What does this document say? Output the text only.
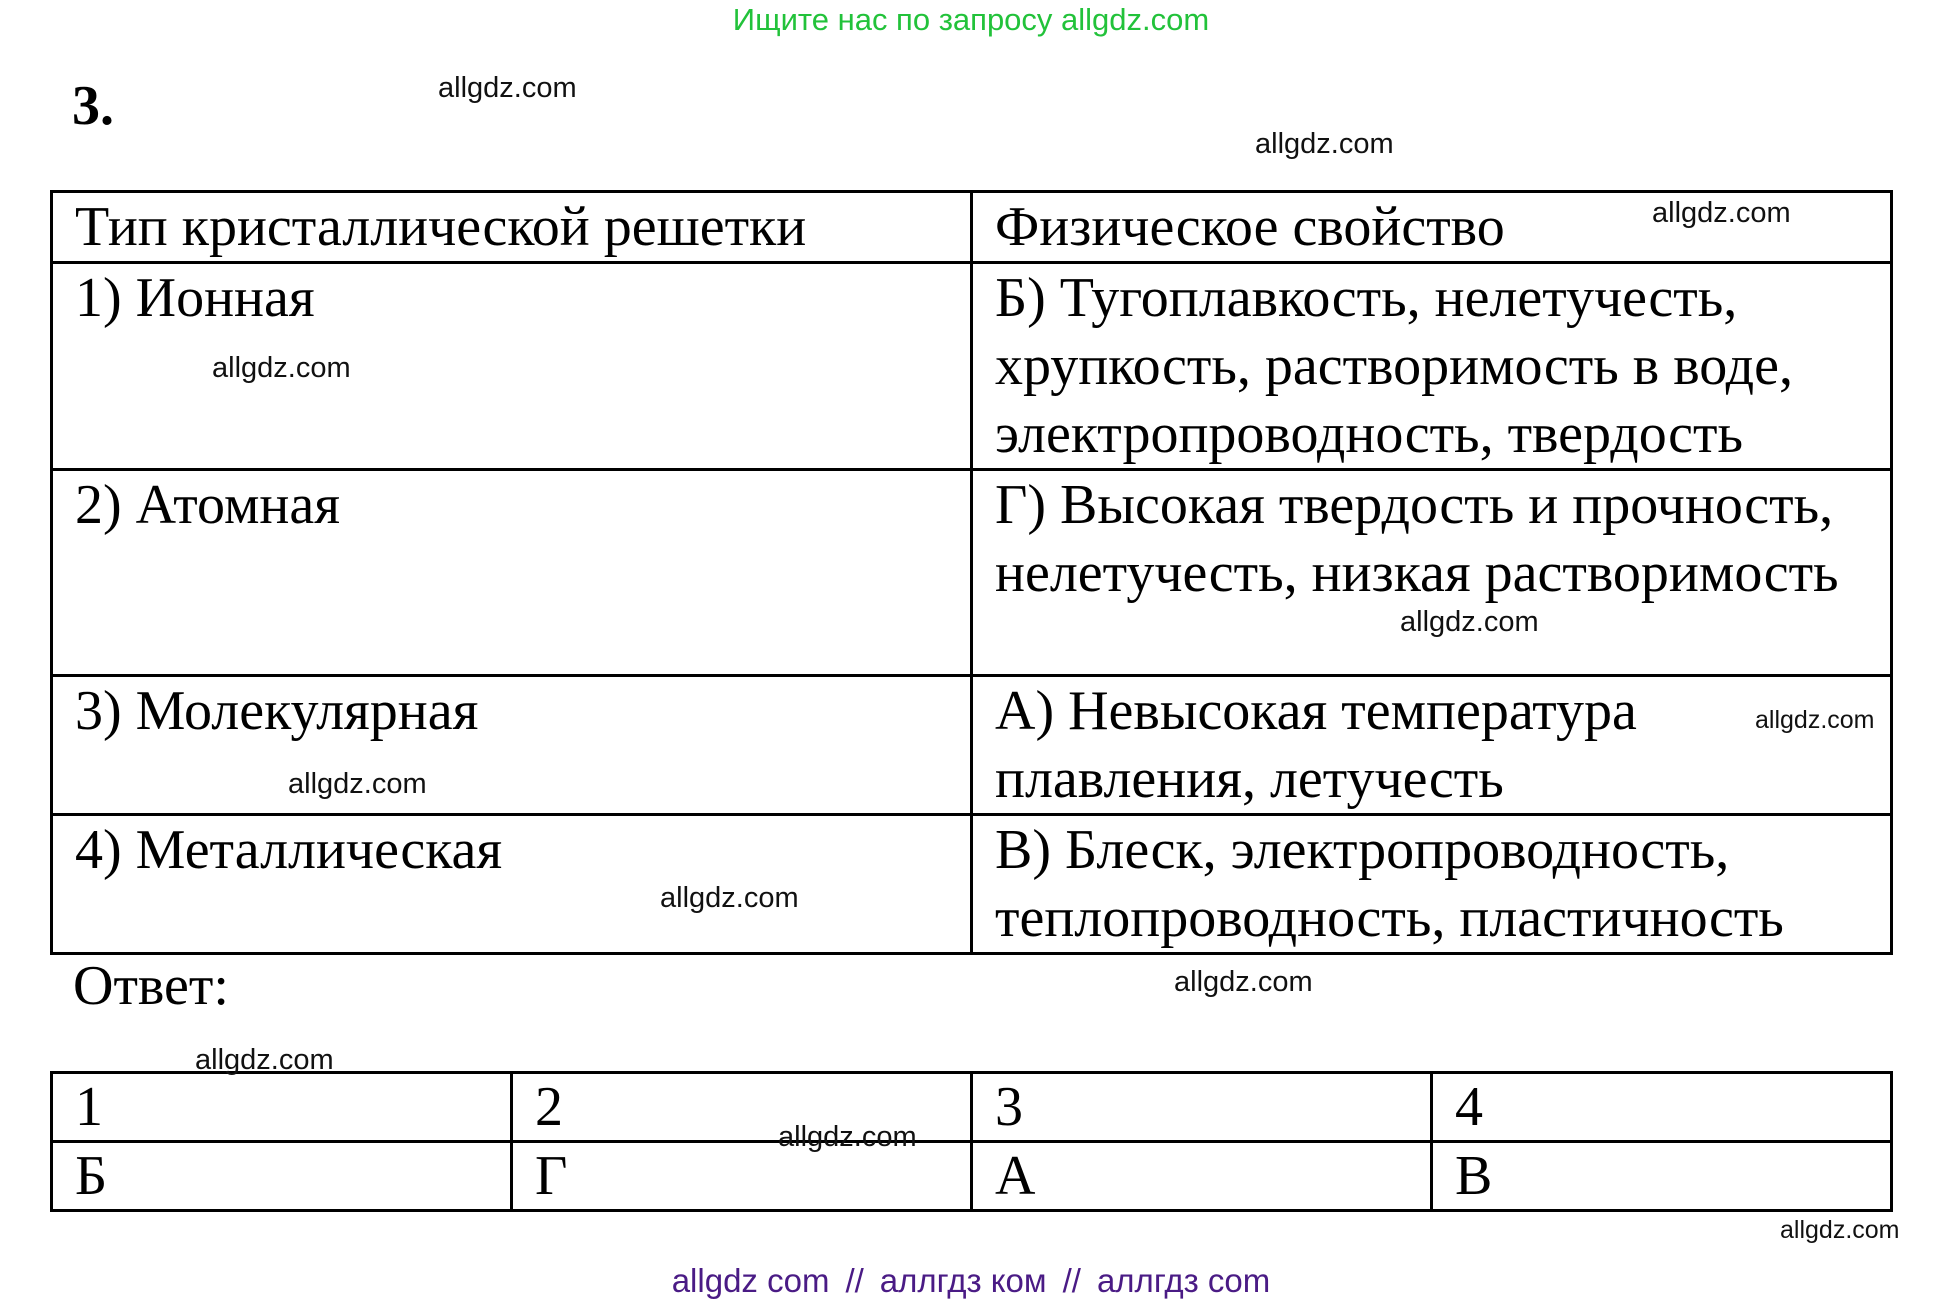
Ищите нас по запросу allgdz.com
3.
Тип кристаллической решетки	Физическое свойство
1) Ионная	Б) Тугоплавкость, нелетучесть, хрупкость, растворимость в воде, электропроводность, твердость
2) Атомная	Г) Высокая твердость и прочность, нелетучесть, низкая растворимость
3) Молекулярная	А) Невысокая температура плавления, летучесть
4) Металлическая	В) Блеск, электропроводность, теплопроводность, пластичность
Ответ:
1	2	3	4
Б	Г	А	В
allgdz.com
allgdz.com
allgdz.com
allgdz.com
allgdz.com
allgdz.com
allgdz.com
allgdz.com
allgdz.com
allgdz.com
allgdz.com
allgdz.com
allgdz com // аллгдз ком // аллгдз com
